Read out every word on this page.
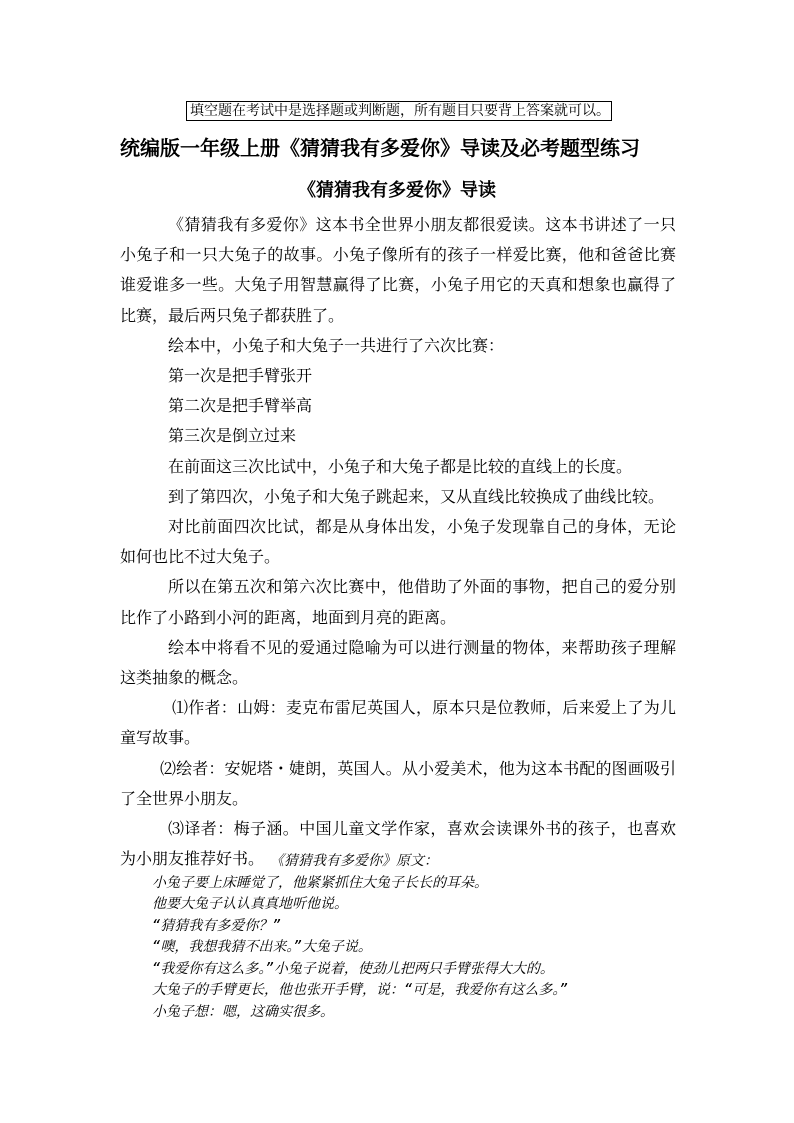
填空题在考试中是选择题或判断题，所有题目只要背上答案就可以。
统编版一年级上册《猜猜我有多爱你》导读及必考题型练习
《猜猜我有多爱你》导读

《猜猜我有多爱你》这本书全世界小朋友都很爱读。这本书讲述了一只小兔子和一只大兔子的故事。小兔子像所有的孩子一样爱比赛，他和爸爸比赛谁爱谁多一些。大兔子用智慧赢得了比赛，小兔子用它的天真和想象也赢得了比赛，最后两只兔子都获胜了。

绘本中，小兔子和大兔子一共进行了六次比赛：

第一次是把手臂张开

第二次是把手臂举高

第三次是倒立过来

在前面这三次比试中，小兔子和大兔子都是比较的直线上的长度。

到了第四次，小兔子和大兔子跳起来，又从直线比较换成了曲线比较。

对比前面四次比试，都是从身体出发，小兔子发现靠自己的身体，无论如何也比不过大兔子。

所以在第五次和第六次比赛中，他借助了外面的事物，把自己的爱分别比作了小路到小河的距离，地面到月亮的距离。

绘本中将看不见的爱通过隐喻为可以进行测量的物体，来帮助孩子理解这类抽象的概念。

⑴作者：山姆：麦克布雷尼英国人，原本只是位教师，后来爱上了为儿童写故事。

⑵绘者：安妮塔・婕朗，英国人。从小爱美术，他为这本书配的图画吸引了全世界小朋友。

⑶译者：梅子涵。中国儿童文学作家，喜欢会读课外书的孩子，也喜欢为小朋友推荐好书。 《猜猜我有多爱你》原文：

小兔子要上床睡觉了，他紧紧抓住大兔子长长的耳朵。

他要大兔子认认真真地听他说。

“猜猜我有多爱你？”

“噢，我想我猜不出来。”大兔子说。

“我爱你有这么多。”小兔子说着，使劲儿把两只手臂张得大大的。

大兔子的手臂更长，他也张开手臂，说：“可是，我爱你有这么多。”

小兔子想：嗯，这确实很多。
